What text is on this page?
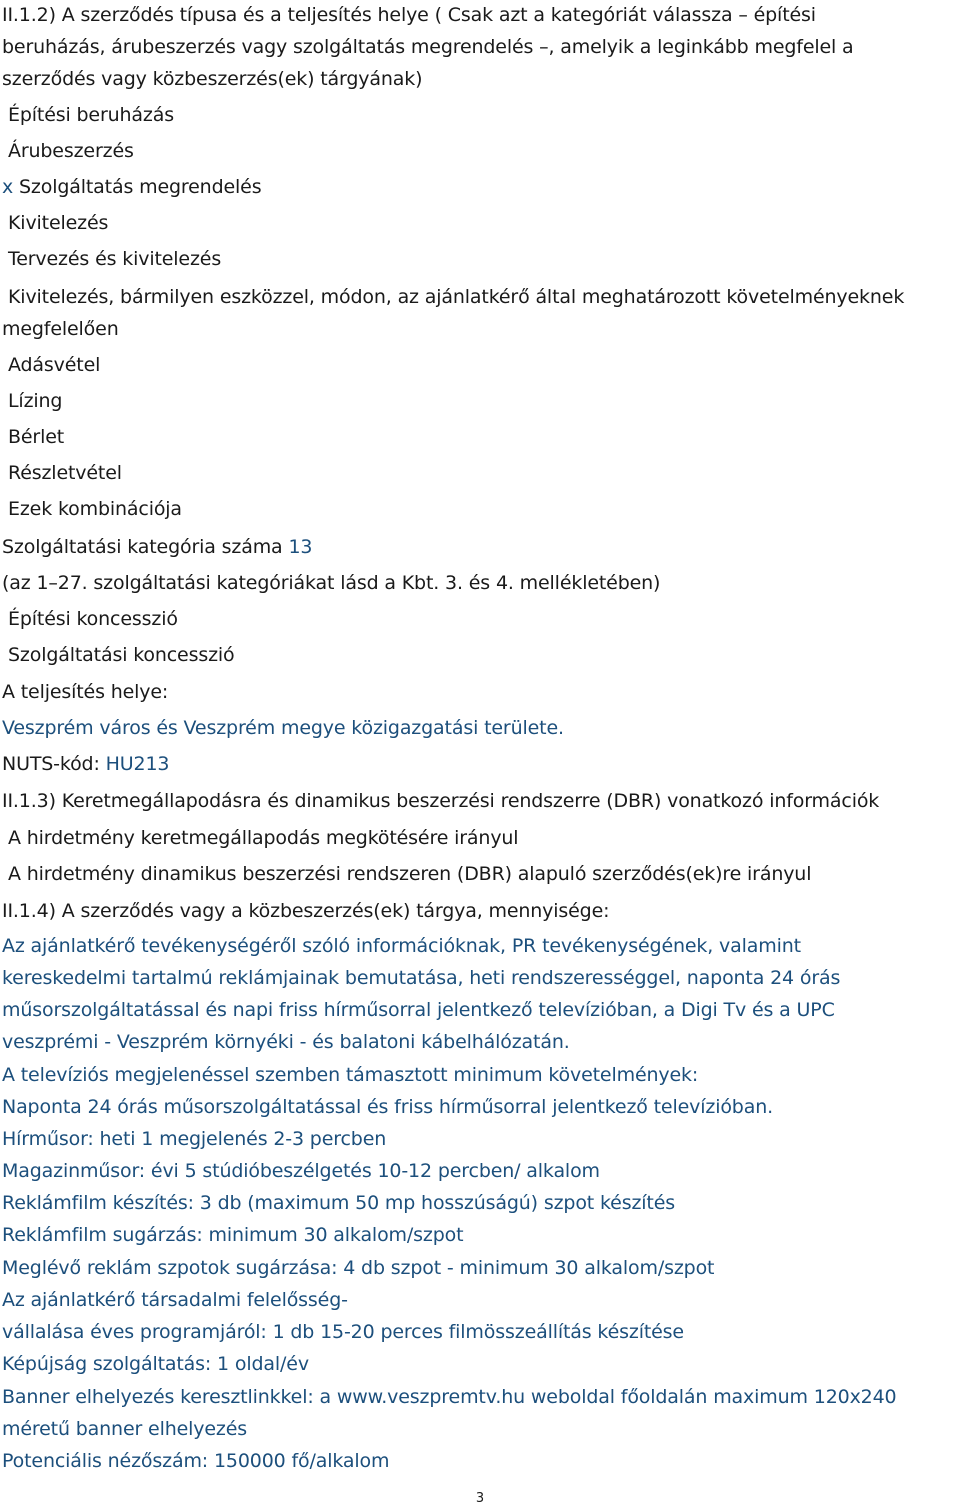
II.1.2) A szerződés típusa és a teljesítés helye ( Csak azt a kategóriát válassza – építési
beruházás, árubeszerzés vagy szolgáltatás megrendelés –, amelyik a leginkább megfelel a
szerződés vagy közbeszerzés(ek) tárgyának)
Építési beruházás
Árubeszerzés
x Szolgáltatás megrendelés
Kivitelezés
Tervezés és kivitelezés
Kivitelezés, bármilyen eszközzel, módon, az ajánlatkérő által meghatározott követelményeknek
megfelelően
Adásvétel
Lízing
Bérlet
Részletvétel
Ezek kombinációja
Szolgáltatási kategória száma 13
(az 1–27. szolgáltatási kategóriákat lásd a Kbt. 3. és 4. mellékletében)
Építési koncesszió
Szolgáltatási koncesszió
A teljesítés helye:
Veszprém város és Veszprém megye közigazgatási területe.
NUTS-kód: HU213
II.1.3) Keretmegállapodásra és dinamikus beszerzési rendszerre (DBR) vonatkozó információk
A hirdetmény keretmegállapodás megkötésére irányul
A hirdetmény dinamikus beszerzési rendszeren (DBR) alapuló szerződés(ek)re irányul
II.1.4) A szerződés vagy a közbeszerzés(ek) tárgya, mennyisége:
Az ajánlatkérő tevékenységéről szóló információknak, PR tevékenységének, valamint
kereskedelmi tartalmú reklámjainak bemutatása, heti rendszerességgel, naponta 24 órás
műsorszolgáltatással és napi friss hírműsorral jelentkező televízióban, a Digi Tv és a UPC
veszprémi - Veszprém környéki - és balatoni kábelhálózatán.
A televíziós megjelenéssel szemben támasztott minimum követelmények:
Naponta 24 órás műsorszolgáltatással és friss hírműsorral jelentkező televízióban.
Hírműsor: heti 1 megjelenés 2-3 percben
Magazinműsor: évi 5 stúdióbeszélgetés 10-12 percben/ alkalom
Reklámfilm készítés: 3 db (maximum 50 mp hosszúságú) szpot készítés
Reklámfilm sugárzás: minimum 30 alkalom/szpot
Meglévő reklám szpotok sugárzása: 4 db szpot - minimum 30 alkalom/szpot
Az ajánlatkérő társadalmi felelősség-
vállalása éves programjáról: 1 db 15-20 perces filmösszeállítás készítése
Képújság szolgáltatás: 1 oldal/év
Banner elhelyezés keresztlinkkel: a www.veszpremtv.hu weboldal főoldalán maximum 120x240
méretű banner elhelyezés
Potenciális nézőszám: 150000 fő/alkalom
3
